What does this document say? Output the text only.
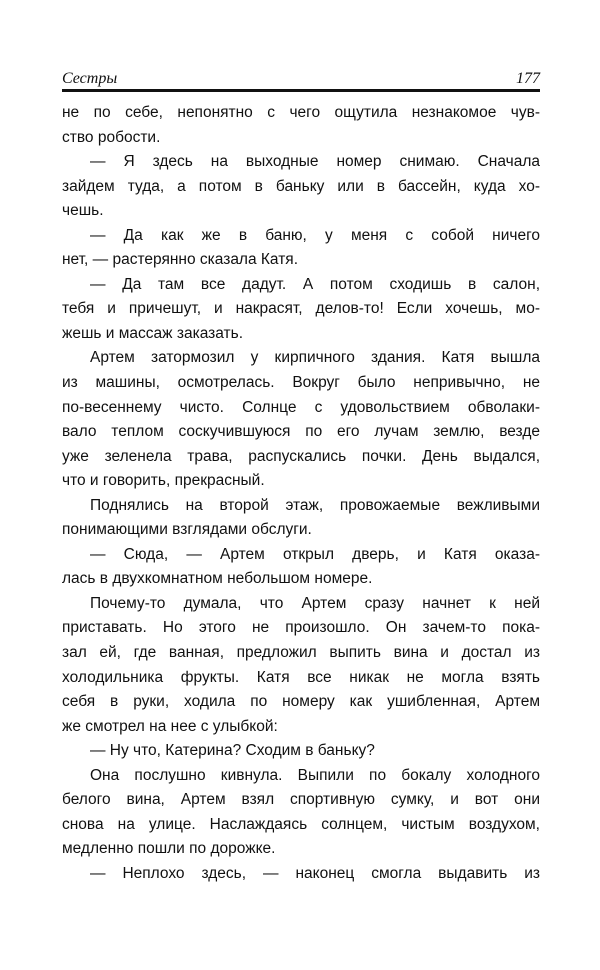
Сестры	177
не по себе, непонятно с чего ощутила незнакомое чув-
ство робости.
— Я здесь на выходные номер снимаю. Сначала
зайдем туда, а потом в баньку или в бассейн, куда хо-
чешь.
— Да как же в баню, у меня с собой ничего
нет, — растерянно сказала Катя.
— Да там все дадут. А потом сходишь в салон,
тебя и причешут, и накрасят, делов-то! Если хочешь, мо-
жешь и массаж заказать.
Артем затормозил у кирпичного здания. Катя вышла
из машины, осмотрелась. Вокруг было непривычно, не
по-весеннему чисто. Солнце с удовольствием обволаки-
вало теплом соскучившуюся по его лучам землю, везде
уже зеленела трава, распускались почки. День выдался,
что и говорить, прекрасный.
Поднялись на второй этаж, провожаемые вежливыми
понимающими взглядами обслуги.
— Сюда, — Артем открыл дверь, и Катя оказа-
лась в двухкомнатном небольшом номере.
Почему-то думала, что Артем сразу начнет к ней
приставать. Но этого не произошло. Он зачем-то пока-
зал ей, где ванная, предложил выпить вина и достал из
холодильника фрукты. Катя все никак не могла взять
себя в руки, ходила по номеру как ушибленная, Артем
же смотрел на нее с улыбкой:
— Ну что, Катерина? Сходим в баньку?
Она послушно кивнула. Выпили по бокалу холодного
белого вина, Артем взял спортивную сумку, и вот они
снова на улице. Наслаждаясь солнцем, чистым воздухом,
медленно пошли по дорожке.
— Неплохо здесь, — наконец смогла выдавить из
